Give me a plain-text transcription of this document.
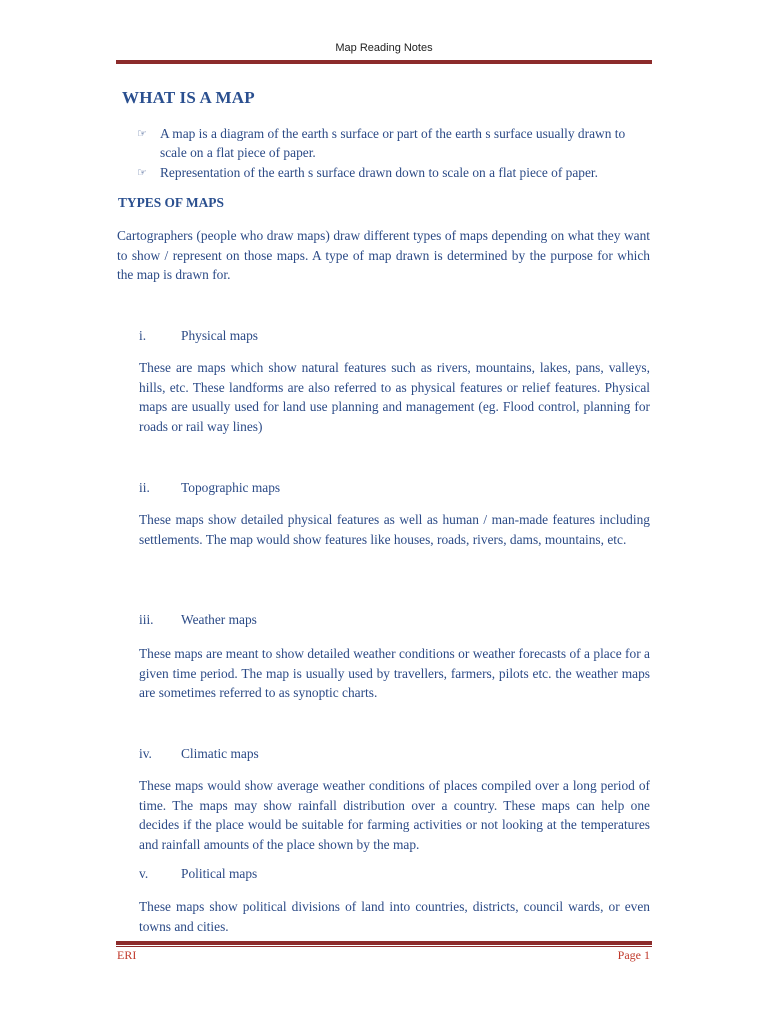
Map Reading Notes
WHAT IS A MAP
☞ A map is a diagram of the earth s surface or part of the earth s surface usually drawn to scale on a flat piece of paper.
☞ Representation of the earth s surface drawn down to scale on a flat piece of paper.
TYPES OF MAPS

Cartographers (people who draw maps) draw different types of maps depending on what they want to show / represent on those maps. A type of map drawn is determined by the purpose for which the map is drawn for.

i.	Physical maps

These are maps which show natural features such as rivers, mountains, lakes, pans, valleys, hills, etc. These landforms are also referred to as physical features or relief features. Physical maps are usually used for land use planning and management (eg. Flood control, planning for roads or rail way lines)

ii. Topographic maps

These maps show detailed physical features as well as human / man-made features including settlements. The map would show features like houses, roads, rivers, dams, mountains, etc.

iii. Weather maps

These maps are meant to show detailed weather conditions or weather forecasts of a place for a given time period. The map is usually used by travellers, farmers, pilots etc. the weather maps are sometimes referred to as synoptic charts.

iv. Climatic maps

These maps would show average weather conditions of places compiled over a long period of time. The maps may show rainfall distribution over a country. These maps can help one decides if the place would be suitable for farming activities or not looking at the temperatures and rainfall amounts of the place shown by the map.

v. Political maps

These maps show political divisions of land into countries, districts, council wards, or even towns and cities.

ERI	Page 1
